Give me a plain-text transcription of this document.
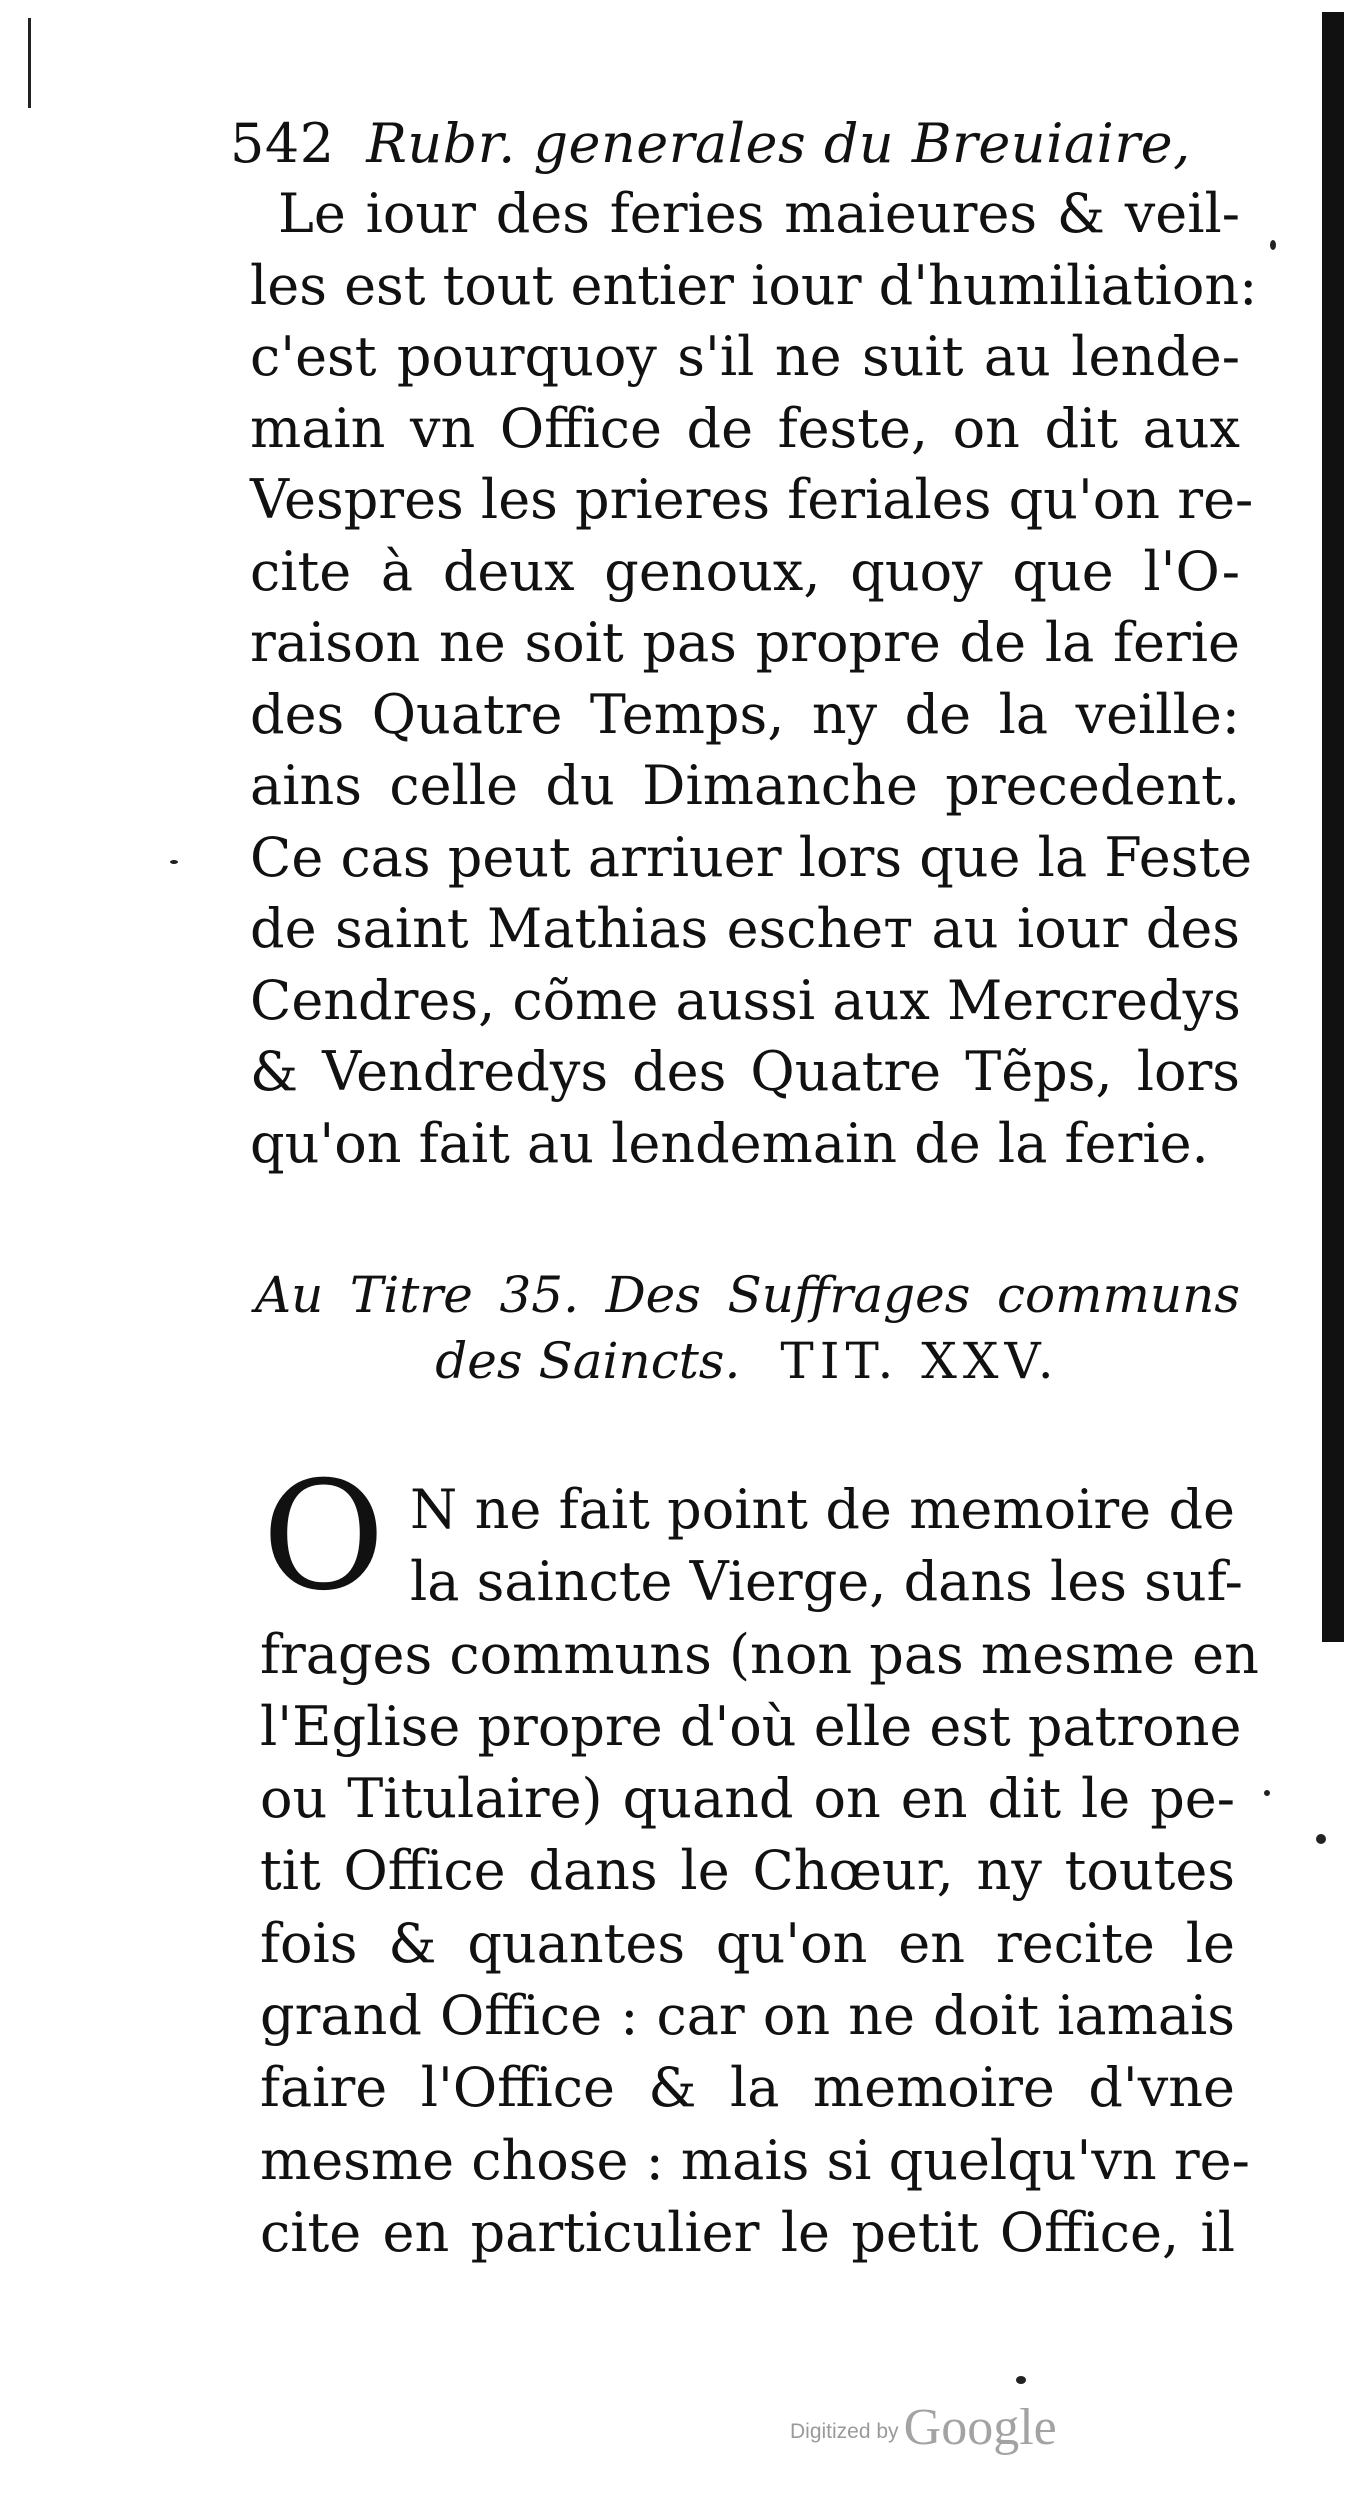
542 Rubr. generales du Breuiaire,
Le iour des feries maieures & veil-
les est tout entier iour d'humiliation:
c'est pourquoy s'il ne suit au lende-
main vn Office de feste, on dit aux
Vespres les prieres feriales qu'on re-
cite à deux genoux, quoy que l'O-
raison ne soit pas propre de la ferie
des Quatre Temps, ny de la veille:
ains celle du Dimanche precedent.
Ce cas peut arriuer lors que la Feste
de saint Mathias escheт au iour des
Cendres, cõme aussi aux Mercredys
& Vendredys des Quatre Tẽps, lors
qu'on fait au lendemain de la ferie.
Au Titre 35. Des Suffrages communs
des Saincts. TIT. XXV.
O N ne fait point de memoire de
la saincte Vierge, dans les suf-
frages communs (non pas mesme en
l'Eglise propre d'où elle est patrone
ou Titulaire) quand on en dit le pe-
tit Office dans le Chœur, ny toutes
fois & quantes qu'on en recite le
grand Office : car on ne doit iamais
faire l'Office & la memoire d'vne
mesme chose : mais si quelqu'vn re-
cite en particulier le petit Office, il
Digitized by Google
